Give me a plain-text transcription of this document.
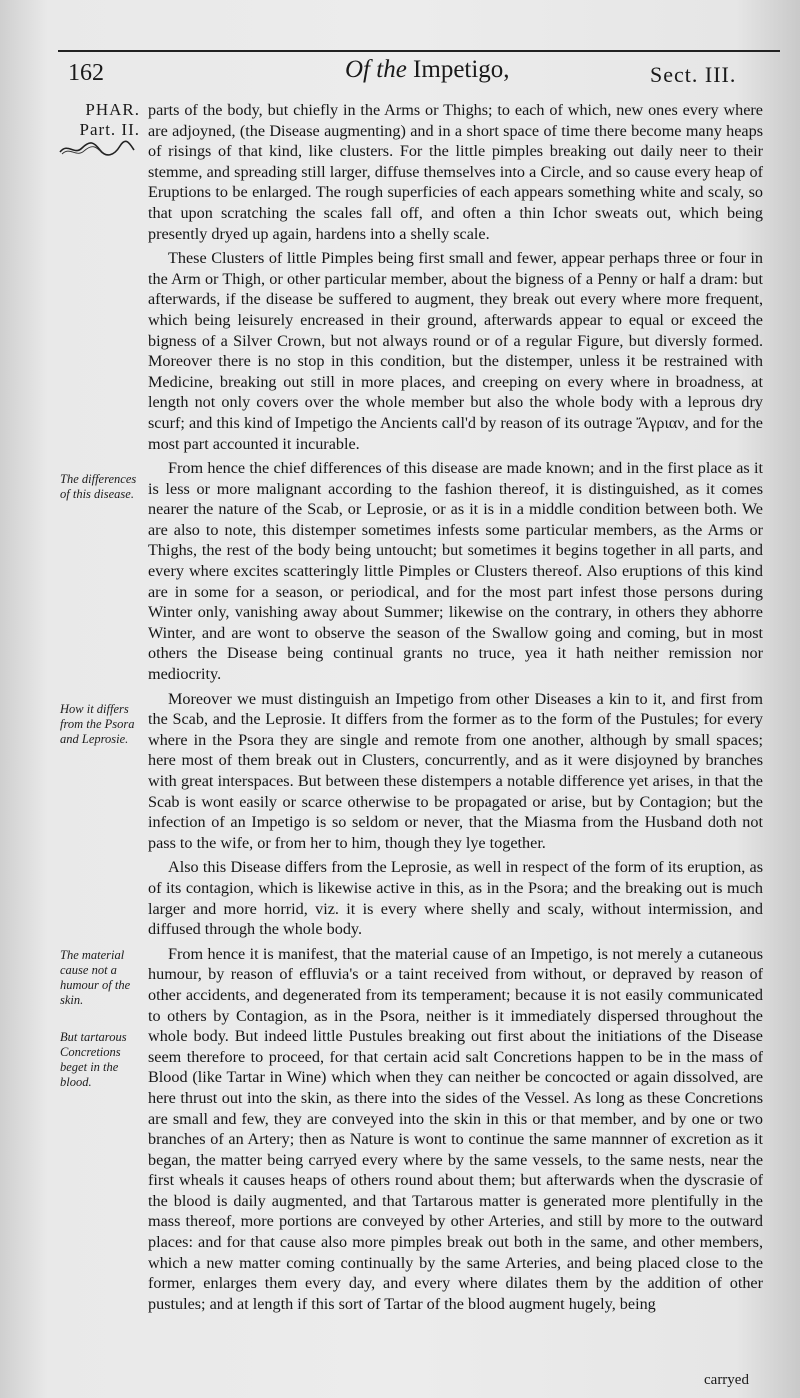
162	Of the Impetigo,	Sect. III.
PHAR.
Part. II.
The differences of this disease.
How it differs from the Psora and Leprosie.
The material cause not a humour of the skin.
But tartarous Concretions beget in the blood.

parts of the body, but chiefly in the Arms or Thighs; to each of which, new ones every where are adjoyned, (the Disease augmenting) and in a short space of time there become many heaps of risings of that kind, like clusters. For the little pimples breaking out daily neer to their stemme, and spreading still larger, diffuse themselves into a Circle, and so cause every heap of Eruptions to be enlarged. The rough superficies of each appears something white and scaly, so that upon scratching the scales fall off, and often a thin Ichor sweats out, which being presently dryed up again, hardens into a shelly scale.

These Clusters of little Pimples being first small and fewer, appear perhaps three or four in the Arm or Thigh, or other particular member, about the bigness of a Penny or half a dram: but afterwards, if the disease be suffered to augment, they break out every where more frequent, which being leisurely encreased in their ground, afterwards appear to equal or exceed the bigness of a Silver Crown, but not always round or of a regular Figure, but diversly formed. Moreover there is no stop in this condition, but the distemper, unless it be restrained with Medicine, breaking out still in more places, and creeping on every where in broadness, at length not only covers over the whole member but also the whole body with a leprous dry scurf; and this kind of Impetigo the Ancients call'd by reason of its outrage Ἄγριαν, and for the most part accounted it incurable.

From hence the chief differences of this disease are made known; and in the first place as it is less or more malignant according to the fashion thereof, it is distinguished, as it comes nearer the nature of the Scab, or Leprosie, or as it is in a middle condition between both. We are also to note, this distemper sometimes infests some particular members, as the Arms or Thighs, the rest of the body being untoucht; but sometimes it begins together in all parts, and every where excites scatteringly little Pimples or Clusters thereof. Also eruptions of this kind are in some for a season, or periodical, and for the most part infest those persons during Winter only, vanishing away about Summer; likewise on the contrary, in others they abhorre Winter, and are wont to observe the season of the Swallow going and coming, but in most others the Disease being continual grants no truce, yea it hath neither remission nor mediocrity.

Moreover we must distinguish an Impetigo from other Diseases a kin to it, and first from the Scab, and the Leprosie. It differs from the former as to the form of the Pustules; for every where in the Psora they are single and remote from one another, although by small spaces; here most of them break out in Clusters, concurrently, and as it were disjoyned by branches with great interspaces. But between these distempers a notable difference yet arises, in that the Scab is wont easily or scarce otherwise to be propagated or arise, but by Contagion; but the infection of an Impetigo is so seldom or never, that the Miasma from the Husband doth not pass to the wife, or from her to him, though they lye together.

Also this Disease differs from the Leprosie, as well in respect of the form of its eruption, as of its contagion, which is likewise active in this, as in the Psora; and the breaking out is much larger and more horrid, viz. it is every where shelly and scaly, without intermission, and diffused through the whole body.

From hence it is manifest, that the material cause of an Impetigo, is not merely a cutaneous humour, by reason of effluvia's or a taint received from without, or depraved by reason of other accidents, and degenerated from its temperament; because it is not easily communicated to others by Contagion, as in the Psora, neither is it immediately dispersed throughout the whole body. But indeed little Pustules breaking out first about the initiations of the Disease seem therefore to proceed, for that certain acid salt Concretions happen to be in the mass of Blood (like Tartar in Wine) which when they can neither be concocted or again dissolved, are here thrust out into the skin, as there into the sides of the Vessel. As long as these Concretions are small and few, they are conveyed into the skin in this or that member, and by one or two branches of an Artery; then as Nature is wont to continue the same mannner of excretion as it began, the matter being carryed every where by the same vessels, to the same nests, near the first wheals it causes heaps of others round about them; but afterwards when the dyscrasie of the blood is daily augmented, and that Tartarous matter is generated more plentifully in the mass thereof, more portions are conveyed by other Arteries, and still by more to the outward places: and for that cause also more pimples break out both in the same, and other members, which a new matter coming continually by the same Arteries, and being placed close to the former, enlarges them every day, and every where dilates them by the addition of other pustules; and at length if this sort of Tartar of the blood augment hugely, being

carryed
